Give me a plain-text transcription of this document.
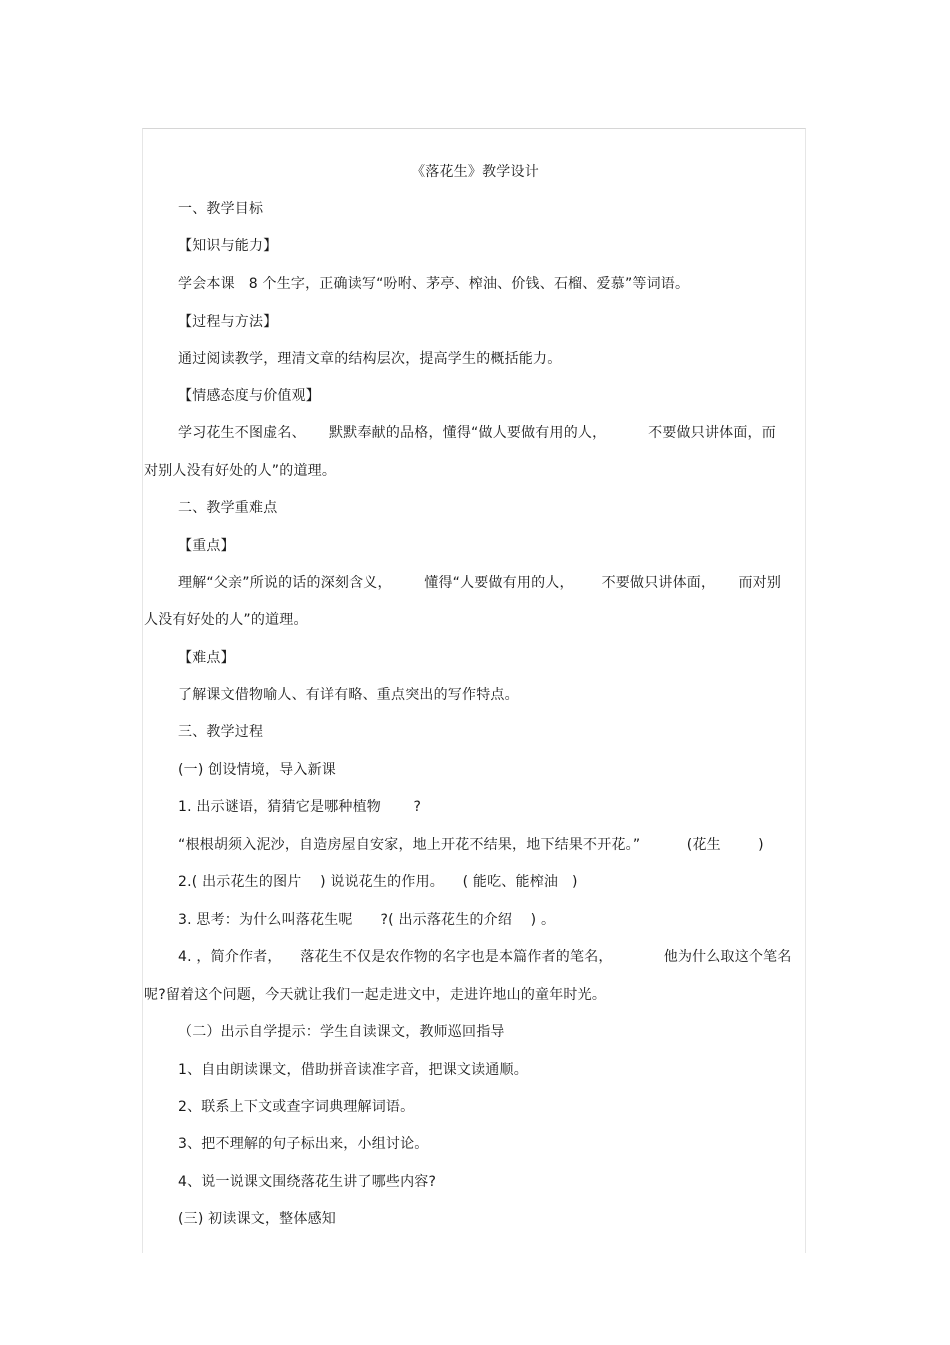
《落花生》教学设计

一、教学目标

【知识与能力】

学会本课   8 个生字，正确读写“吩咐、茅亭、榨油、价钱、石榴、爱慕”等词语。

【过程与方法】

通过阅读教学，理清文章的结构层次，提高学生的概括能力。

【情感态度与价值观】

学习花生不图虚名、     默默奉献的品格，懂得“做人要做有用的人，         不要做只讲体面，而

对别人没有好处的人”的道理。

二、教学重难点

【重点】

理解“父亲”所说的话的深刻含义，       懂得“人要做有用的人，      不要做只讲体面，     而对别

人没有好处的人”的道理。

【难点】

了解课文借物喻人、有详有略、重点突出的写作特点。

三、教学过程

(一) 创设情境，导入新课

1. 出示谜语，猜猜它是哪种植物       ?

“根根胡须入泥沙，自造房屋自安家，地上开花不结果，地下结果不开花。”          (花生        )

2.( 出示花生的图片    ) 说说花生的作用。    ( 能吃、能榨油   )

3. 思考：为什么叫落花生呢      ?( 出示落花生的介绍    ) 。

4. ，简介作者，    落花生不仅是农作物的名字也是本篇作者的笔名，           他为什么取这个笔名

呢?留着这个问题，今天就让我们一起走进文中，走进许地山的童年时光。

（二）出示自学提示：学生自读课文，教师巡回指导

1、自由朗读课文，借助拼音读准字音，把课文读通顺。

2、联系上下文或查字词典理解词语。

3、把不理解的句子标出来，小组讨论。

4、说一说课文围绕落花生讲了哪些内容?

(三) 初读课文，整体感知
